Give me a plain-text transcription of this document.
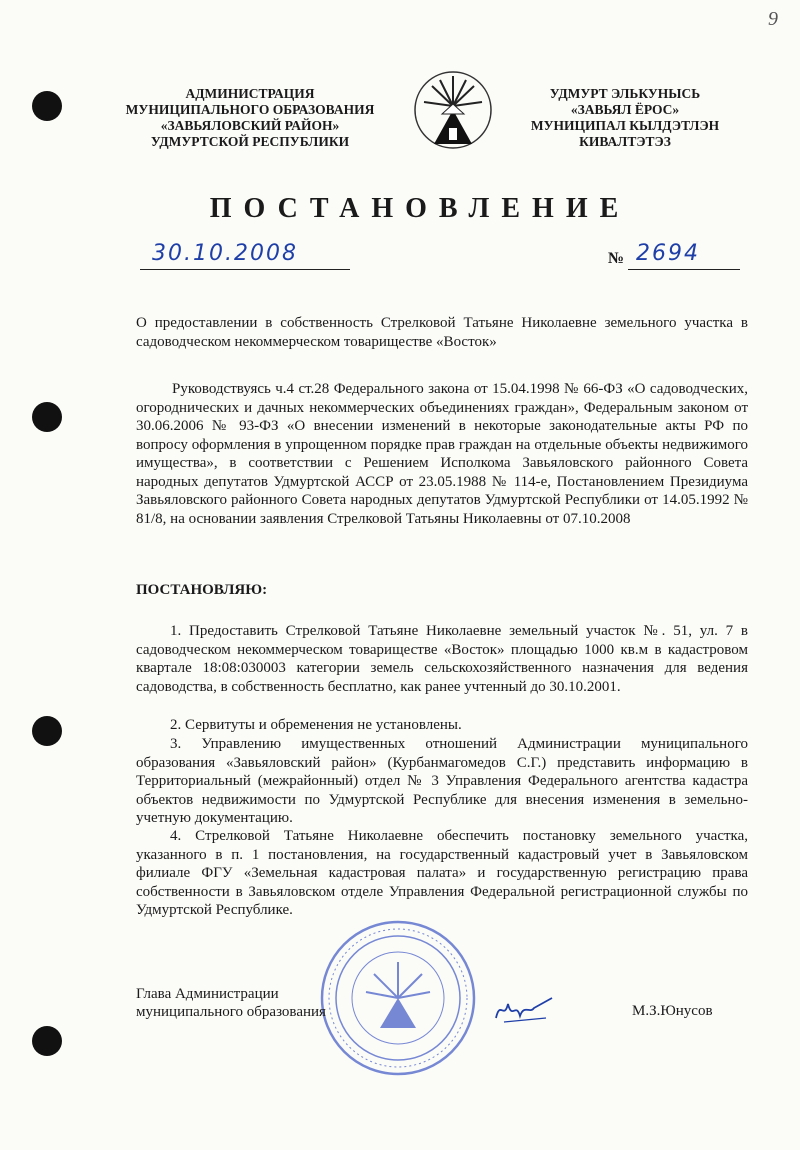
9
АДМИНИСТРАЦИЯ
МУНИЦИПАЛЬНОГО ОБРАЗОВАНИЯ
«ЗАВЬЯЛОВСКИЙ РАЙОН»
УДМУРТСКОЙ РЕСПУБЛИКИ
УДМУРТ ЭЛЬКУНЫСЬ
«ЗАВЬЯЛ ЁРОС»
МУНИЦИПАЛ КЫЛДЭТЛЭН
КИВАЛТЭТЭЗ
ПОСТАНОВЛЕНИЕ
30.10.2008	№ 2694
О предоставлении в собственность Стрелковой Татьяне Николаевне земельного участка в садоводческом некоммерческом товариществе «Восток»
Руководствуясь ч.4 ст.28 Федерального закона от 15.04.1998 № 66-ФЗ «О садоводческих, огороднических и дачных некоммерческих объединениях граждан», Федеральным законом от 30.06.2006 № 93-ФЗ «О внесении изменений в некоторые законодательные акты РФ по вопросу оформления в упрощенном порядке прав граждан на отдельные объекты недвижимого имущества», в соответствии с Решением Исполкома Завьяловского районного Совета народных депутатов Удмуртской АССР от 23.05.1988 № 114-е, Постановлением Президиума Завьяловского районного Совета народных депутатов Удмуртской Республики от 14.05.1992 № 81/8, на основании заявления Стрелковой Татьяны Николаевны от 07.10.2008
ПОСТАНОВЛЯЮ:
1. Предоставить Стрелковой Татьяне Николаевне земельный участок №. 51, ул. 7 в садоводческом некоммерческом товариществе «Восток» площадью 1000 кв.м в кадастровом квартале 18:08:030003 категории земель сельскохозяйственного назначения для ведения садоводства, в собственность бесплатно, как ранее учтенный до 30.10.2001.
2. Сервитуты и обременения не установлены.
3. Управлению имущественных отношений Администрации муниципального образования «Завьяловский район» (Курбанмагомедов С.Г.) представить информацию в Территориальный (межрайонный) отдел № 3 Управления Федерального агентства кадастра объектов недвижимости по Удмуртской Республике для внесения изменения в земельно-учетную документацию.
4. Стрелковой Татьяне Николаевне обеспечить постановку земельного участка, указанного в п. 1 постановления, на государственный кадастровый учет в Завьяловском филиале ФГУ «Земельная кадастровая палата» и государственную регистрацию права собственности в Завьяловском отделе Управления Федеральной регистрационной службы по Удмуртской Республике.
Глава Администрации
муниципального образования	М.З.Юнусов
